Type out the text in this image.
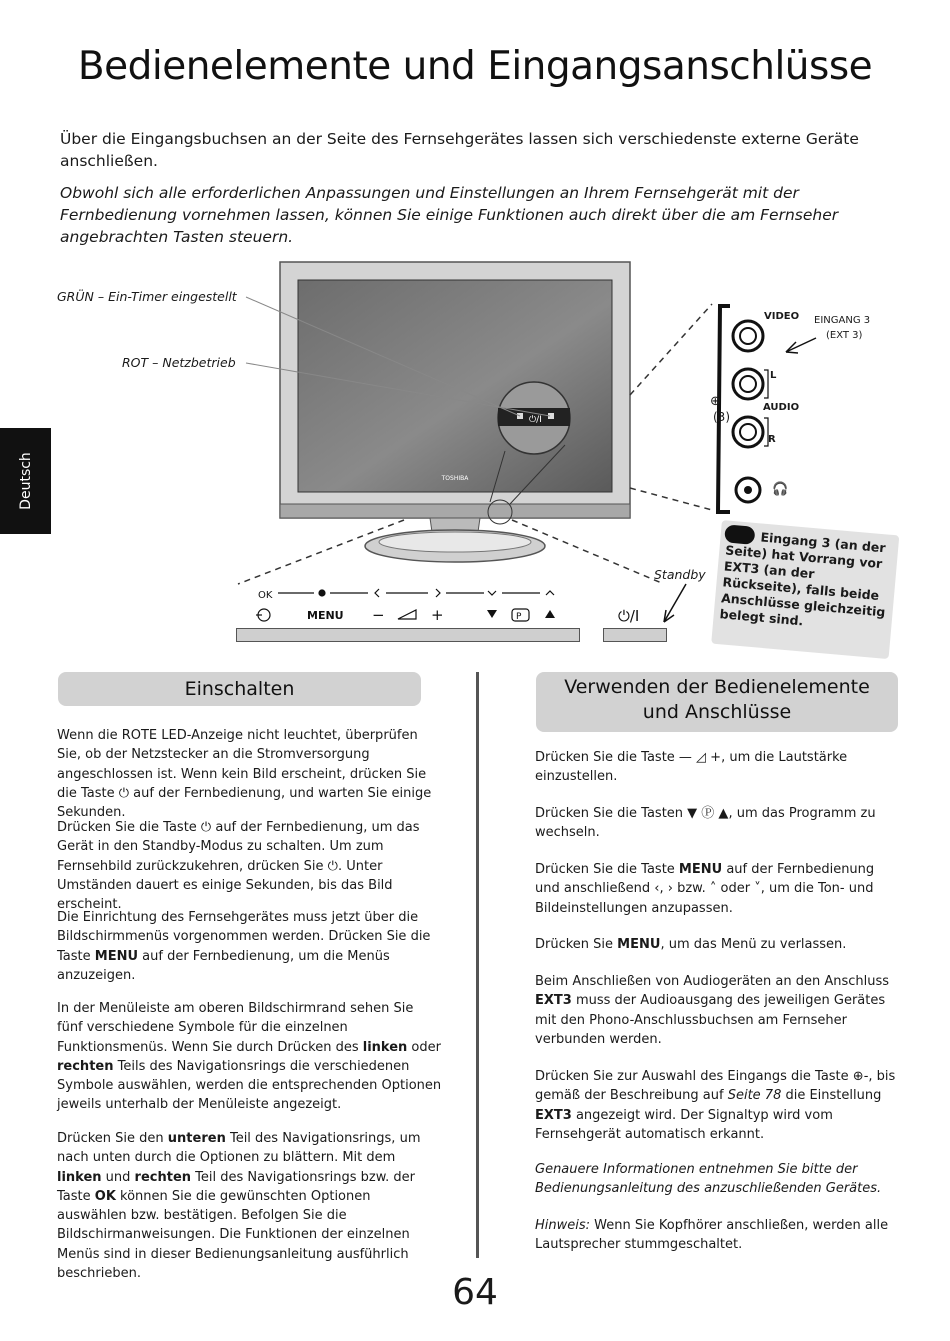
Bedienelemente und Eingangsanschlüsse

Über die Eingangsbuchsen an der Seite des Fernsehgerätes lassen sich verschiedenste externe Geräte anschließen.

Obwohl sich alle erforderlichen Anpassungen und Einstellungen an Ihrem Fernsehgerät mit der Fernbedienung vornehmen lassen, können Sie einige Funktionen auch direkt über die am Fernseher angebrachten Tasten steuern.

Deutsch	TOSHIBA
⏻/I
OK
MENU −	+	P	⏻/I
GRÜN – Ein-Timer eingestellt
ROT – Netzbetrieb
Standby
VIDEO EINGANG 3
(EXT 3)
L
AUDIO
R
(3)
⊕
🎧

Eingang 3 (an der Seite) hat Vorrang vor EXT3 (an der Rückseite), falls beide Anschlüsse gleichzeitig belegt sind.

Einschalten	Verwenden der Bedienelemente
und Anschlüsse

Wenn die ROTE LED-Anzeige nicht leuchtet, überprüfen Sie, ob der Netzstecker an die Stromversorgung angeschlossen ist. Wenn kein Bild erscheint, drücken Sie die Taste ⏻ auf der Fernbedienung, und warten Sie einige Sekunden.

Drücken Sie die Taste ⏻ auf der Fernbedienung, um das Gerät in den Standby-Modus zu schalten. Um zum Fernsehbild zurückzukehren, drücken Sie ⏻. Unter Umständen dauert es einige Sekunden, bis das Bild erscheint.

Die Einrichtung des Fernsehgerätes muss jetzt über die Bildschirmmenüs vorgenommen werden. Drücken Sie die Taste MENU auf der Fernbedienung, um die Menüs anzuzeigen.

In der Menüleiste am oberen Bildschirmrand sehen Sie fünf verschiedene Symbole für die einzelnen Funktionsmenüs. Wenn Sie durch Drücken des linken oder rechten Teils des Navigationsrings die verschiedenen Symbole auswählen, werden die entsprechenden Optionen jeweils unterhalb der Menüleiste angezeigt.

Drücken Sie den unteren Teil des Navigationsrings, um nach unten durch die Optionen zu blättern. Mit dem linken und rechten Teil des Navigationsrings bzw. der Taste OK können Sie die gewünschten Optionen auswählen bzw. bestätigen. Befolgen Sie die Bildschirmanweisungen. Die Funktionen der einzelnen Menüs sind in dieser Bedienungsanleitung ausführlich beschrieben.

Drücken Sie die Taste — ◿ +, um die Lautstärke einzustellen.

Drücken Sie die Tasten ▼ Ⓟ ▲, um das Programm zu wechseln.

Drücken Sie die Taste MENU auf der Fernbedienung und anschließend ‹, › bzw. ˄ oder ˅, um die Ton- und Bildeinstellungen anzupassen.

Drücken Sie MENU, um das Menü zu verlassen.

Beim Anschließen von Audiogeräten an den Anschluss EXT3 muss der Audioausgang des jeweiligen Gerätes mit den Phono-Anschlussbuchsen am Fernseher verbunden werden.

Drücken Sie zur Auswahl des Eingangs die Taste ⊕-, bis gemäß der Beschreibung auf Seite 78 die Einstellung EXT3 angezeigt wird. Der Signaltyp wird vom Fernsehgerät automatisch erkannt.

Genauere Informationen entnehmen Sie bitte der Bedienungsanleitung des anzuschließenden Gerätes.

Hinweis: Wenn Sie Kopfhörer anschließen, werden alle Lautsprecher stummgeschaltet.

64
